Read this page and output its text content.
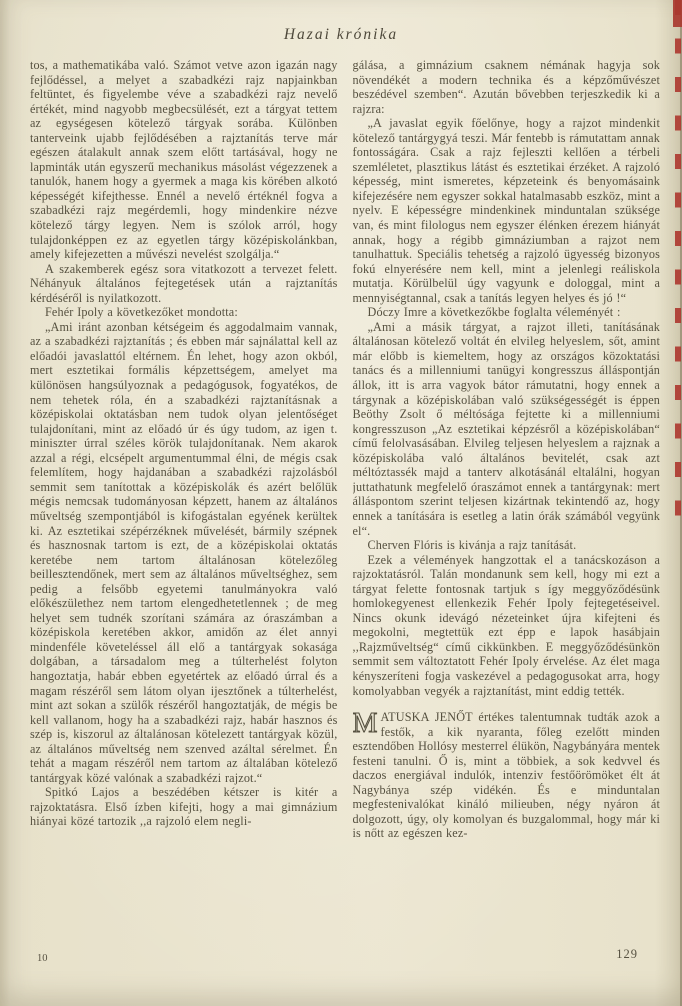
Hazai krónika

tos, a mathematikába való. Számot vetve azon igazán nagy fejlődéssel, a melyet a szabadkézi rajz napjainkban feltüntet, és figyelembe véve a szabadkézi rajz nevelő értékét, mind nagyobb megbecsülését, ezt a tárgyat tettem az egységesen kötelező tárgyak sorába. Különben tanterveink ujabb fejlődésében a rajztanítás terve már egészen átalakult annak szem előtt tartásával, hogy ne lapminták után egyszerű mechanikus másolást végezzenek a tanulók, hanem hogy a gyermek a maga kis körében alkotó képességét kifejthesse. Ennél a nevelő értéknél fogva a szabadkézi rajz megérdemli, hogy mindenkire nézve kötelező tárgy legyen. Nem is szólok arról, hogy tulajdonképpen ez az egyetlen tárgy középiskolánkban, amely kifejezetten a művészi nevelést szolgálja.“

A szakemberek egész sora vitatkozott a tervezet felett. Néhányuk általános fejtegetések után a rajztanítás kérdéséről is nyilatkozott.

Fehér Ipoly a következőket mondotta:

„Ami iránt azonban kétségeim és aggodalmaim vannak, az a szabadkézi rajztanítás ; és ebben már sajnálattal kell az előadói javaslattól eltérnem. Én lehet, hogy azon okból, mert esztetikai formális képzettségem, amelyet ma különösen hangsúlyoznak a pedagógusok, fogyatékos, de nem tehetek róla, én a szabadkézi rajztanításnak a középiskolai oktatásban nem tudok olyan jelentőséget tulajdonítani, mint az előadó úr és úgy tudom, az igen t. miniszter úrral széles körök tulajdonítanak. Nem akarok azzal a régi, elcsépelt argumentummal élni, de mégis csak felemlítem, hogy hajdanában a szabadkézi rajzolásból semmit sem tanítottak a középiskolák és azért belőlük mégis nemcsak tudományosan képzett, hanem az általános műveltség szempontjából is kifogástalan egyének kerültek ki. Az esztetikai szépérzéknek művelését, bármily szépnek és hasznosnak tartom is ezt, de a középiskolai oktatás keretébe nem tartom általánosan kötelezőleg beillesztendőnek, mert sem az általános műveltséghez, sem pedig a felsőbb egyetemi tanulmányokra való előkészülethez nem tartom elengedhetetlennek ; de meg helyet sem tudnék szorítani számára az óraszámban a középiskola keretében akkor, amidőn az élet annyi mindenféle követeléssel áll elő a tantárgyak sokasága dolgában, a társadalom meg a túlterhelést folyton hangoztatja, habár ebben egyetértek az előadó úrral és a magam részéről sem látom olyan ijesztőnek a túlterhelést, mint azt sokan a szülők részéről hangoztatják, de mégis be kell vallanom, hogy ha a szabadkézi rajz, habár hasznos és szép is, kiszorul az általánosan kötelezett tantárgyak közül, az általános műveltség nem szenved azáltal sérelmet. Én tehát a magam részéről nem tartom az általában kötelező tantárgyak közé valónak a szabadkézi rajzot.“

Spitkó Lajos a beszédében kétszer is kitér a rajzoktatásra. Első ízben kifejti, hogy a mai gimnázium hiányai közé tartozik ,,a rajzoló elem negli-

gálása, a gimnázium csaknem némának hagyja sok növendékét a modern technika és a képzőművészet beszédével szemben“. Azután bővebben terjeszkedik ki a rajzra:

„A javaslat egyik főelőnye, hogy a rajzot mindenkit kötelező tantárgygyá teszi. Már fentebb is rámutattam annak fontosságára. Csak a rajz fejleszti kellően a térbeli szemléletet, plasztikus látást és esztetikai érzéket. A rajzoló képesség, mint ismeretes, képzeteink és benyomásaink kifejezésére nem egyszer sokkal hatalmasabb eszköz, mint a nyelv. E képességre mindenkinek minduntalan szüksége van, és mint filologus nem egyszer élénken érezem hiányát annak, hogy a régibb gimnáziumban a rajzot nem tanulhattuk. Speciális tehetség a rajzoló ügyesség bizonyos fokú elnyerésére nem kell, mint a jelenlegi reáliskola mutatja. Körülbelül úgy vagyunk e dologgal, mint a mennyiségtannal, csak a tanítás legyen helyes és jó !“

Dóczy Imre a következőkbe foglalta véleményét :

„Ami a másik tárgyat, a rajzot illeti, tanításának általánosan kötelező voltát én elvileg helyeslem, sőt, amint már előbb is kiemeltem, hogy az országos közoktatási tanács és a millenniumi tanügyi kongresszus álláspontján állok, itt is arra vagyok bátor rámutatni, hogy ennek a tárgynak a középiskolában való szükségességét is éppen Beöthy Zsolt ő méltósága fejtette ki a millenniumi kongresszuson „Az esztetikai képzésről a középiskolában“ című felolvasásában. Elvileg teljesen helyeslem a rajznak a középiskolába való általános bevitelét, csak azt méltóztassék majd a tanterv alkotásánál eltalálni, hogyan juttathatunk megfelelő óraszámot ennek a tantárgynak: mert álláspontom szerint teljesen kizártnak tekintendő az, hogy ennek a tanítására is esetleg a latin órák számából vegyünk el“.

Cherven Flóris is kivánja a rajz tanítását.

Ezek a vélemények hangzottak el a tanácskozáson a rajzoktatásról. Talán mondanunk sem kell, hogy mi ezt a tárgyat felette fontosnak tartjuk s így meggyőződésünk homlokegyenest ellenkezik Fehér Ipoly fejtegetéseivel. Nincs okunk idevágó nézeteinket újra kifejteni és megokolni, megtettük ezt épp e lapok hasábjain ,,Rajzműveltség“ című cikkünkben. E meggyőződésünkön semmit sem változtatott Fehér Ipoly érvelése. Az élet maga kényszeríteni fogja vaskezével a pedagogusokat arra, hogy komolyabban vegyék a rajztanítást, mint eddig tették.

MATUSKA JENŐT értékes talentumnak tudták azok a festők, a kik nyaranta, főleg ezelőtt minden esztendőben Hollósy mesterrel élükön, Nagybányára mentek festeni tanulni. Ő is, mint a többiek, a sok kedvvel és daczos energiával indulók, intenziv festőörömöket élt át Nagybánya szép vidékén. És e minduntalan megfestenivalókat kináló milieuben, négy nyáron át dolgozott, úgy, oly komolyan és buzgalommal, hogy már ki is nőtt az egészen kez-

10	129
